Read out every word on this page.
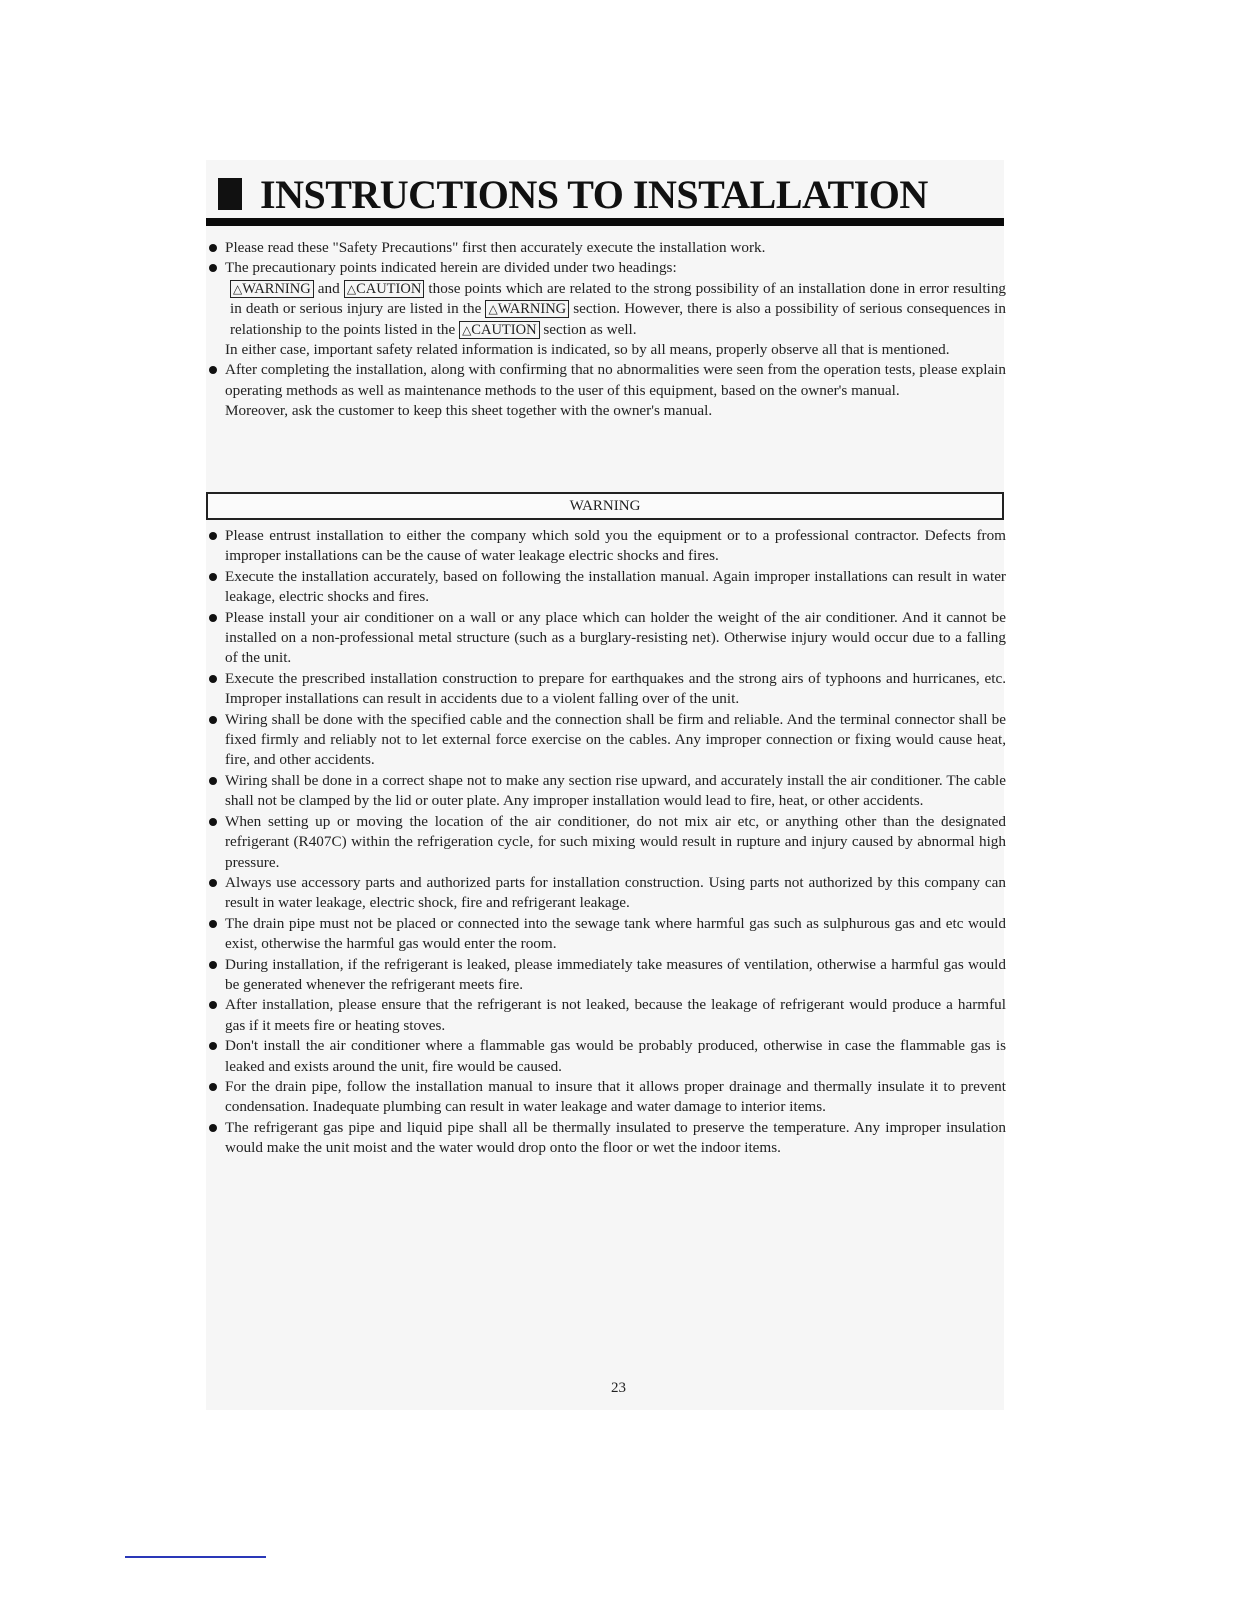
INSTRUCTIONS TO INSTALLATION
Please read these "Safety Precautions" first then accurately execute the installation work.
The precautionary points indicated herein are divided under two headings:
△WARNING and △CAUTION those points which are related to the strong possibility of an installation done in error resulting in death or serious injury are listed in the △WARNING section. However, there is also a possibility of serious consequences in relationship to the points listed in the △CAUTION section as well.
In either case, important safety related information is indicated, so by all means, properly observe all that is mentioned.
After completing the installation, along with confirming that no abnormalities were seen from the operation tests, please explain operating methods as well as maintenance methods to the user of this equipment, based on the owner's manual.
Moreover, ask the customer to keep this sheet together with the owner's manual.
WARNING
Please entrust installation to either the company which sold you the equipment or to a professional contractor. Defects from improper installations can be the cause of water leakage electric shocks and fires.
Execute the installation accurately, based on following the installation manual. Again improper installations can result in water leakage, electric shocks and fires.
Please install your air conditioner on a wall or any place which can holder the weight of the air conditioner. And it cannot be installed on a non-professional metal structure (such as a burglary-resisting net). Otherwise injury would occur due to a falling of the unit.
Execute the prescribed installation construction to prepare for earthquakes and the strong airs of typhoons and hurricanes, etc. Improper installations can result in accidents due to a violent falling over of the unit.
Wiring shall be done with the specified cable and the connection shall be firm and reliable. And the terminal connector shall be fixed firmly and reliably not to let external force exercise on the cables. Any improper connection or fixing would cause heat, fire, and other accidents.
Wiring shall be done in a correct shape not to make any section rise upward, and accurately install the air conditioner. The cable shall not be clamped by the lid or outer plate. Any improper installation would lead to fire, heat, or other accidents.
When setting up or moving the location of the air conditioner, do not mix air etc, or anything other than the designated refrigerant (R407C) within the refrigeration cycle, for such mixing would result in rupture and injury caused by abnormal high pressure.
Always use accessory parts and authorized parts for installation construction. Using parts not authorized by this company can result in water leakage, electric shock, fire and refrigerant leakage.
The drain pipe must not be placed or connected into the sewage tank where harmful gas such as sulphurous gas and etc would exist, otherwise the harmful gas would enter the room.
During installation, if the refrigerant is leaked, please immediately take measures of ventilation, otherwise a harmful gas would be generated whenever the refrigerant meets fire.
After installation, please ensure that the refrigerant is not leaked, because the leakage of refrigerant would produce a harmful gas if it meets fire or heating stoves.
Don't install the air conditioner where a flammable gas would be probably produced, otherwise in case the flammable gas is leaked and exists around the unit, fire would be caused.
For the drain pipe, follow the installation manual to insure that it allows proper drainage and thermally insulate it to prevent condensation. Inadequate plumbing can result in water leakage and water damage to interior items.
The refrigerant gas pipe and liquid pipe shall all be thermally insulated to preserve the temperature. Any improper insulation would make the unit moist and the water would drop onto the floor or wet the indoor items.
23
